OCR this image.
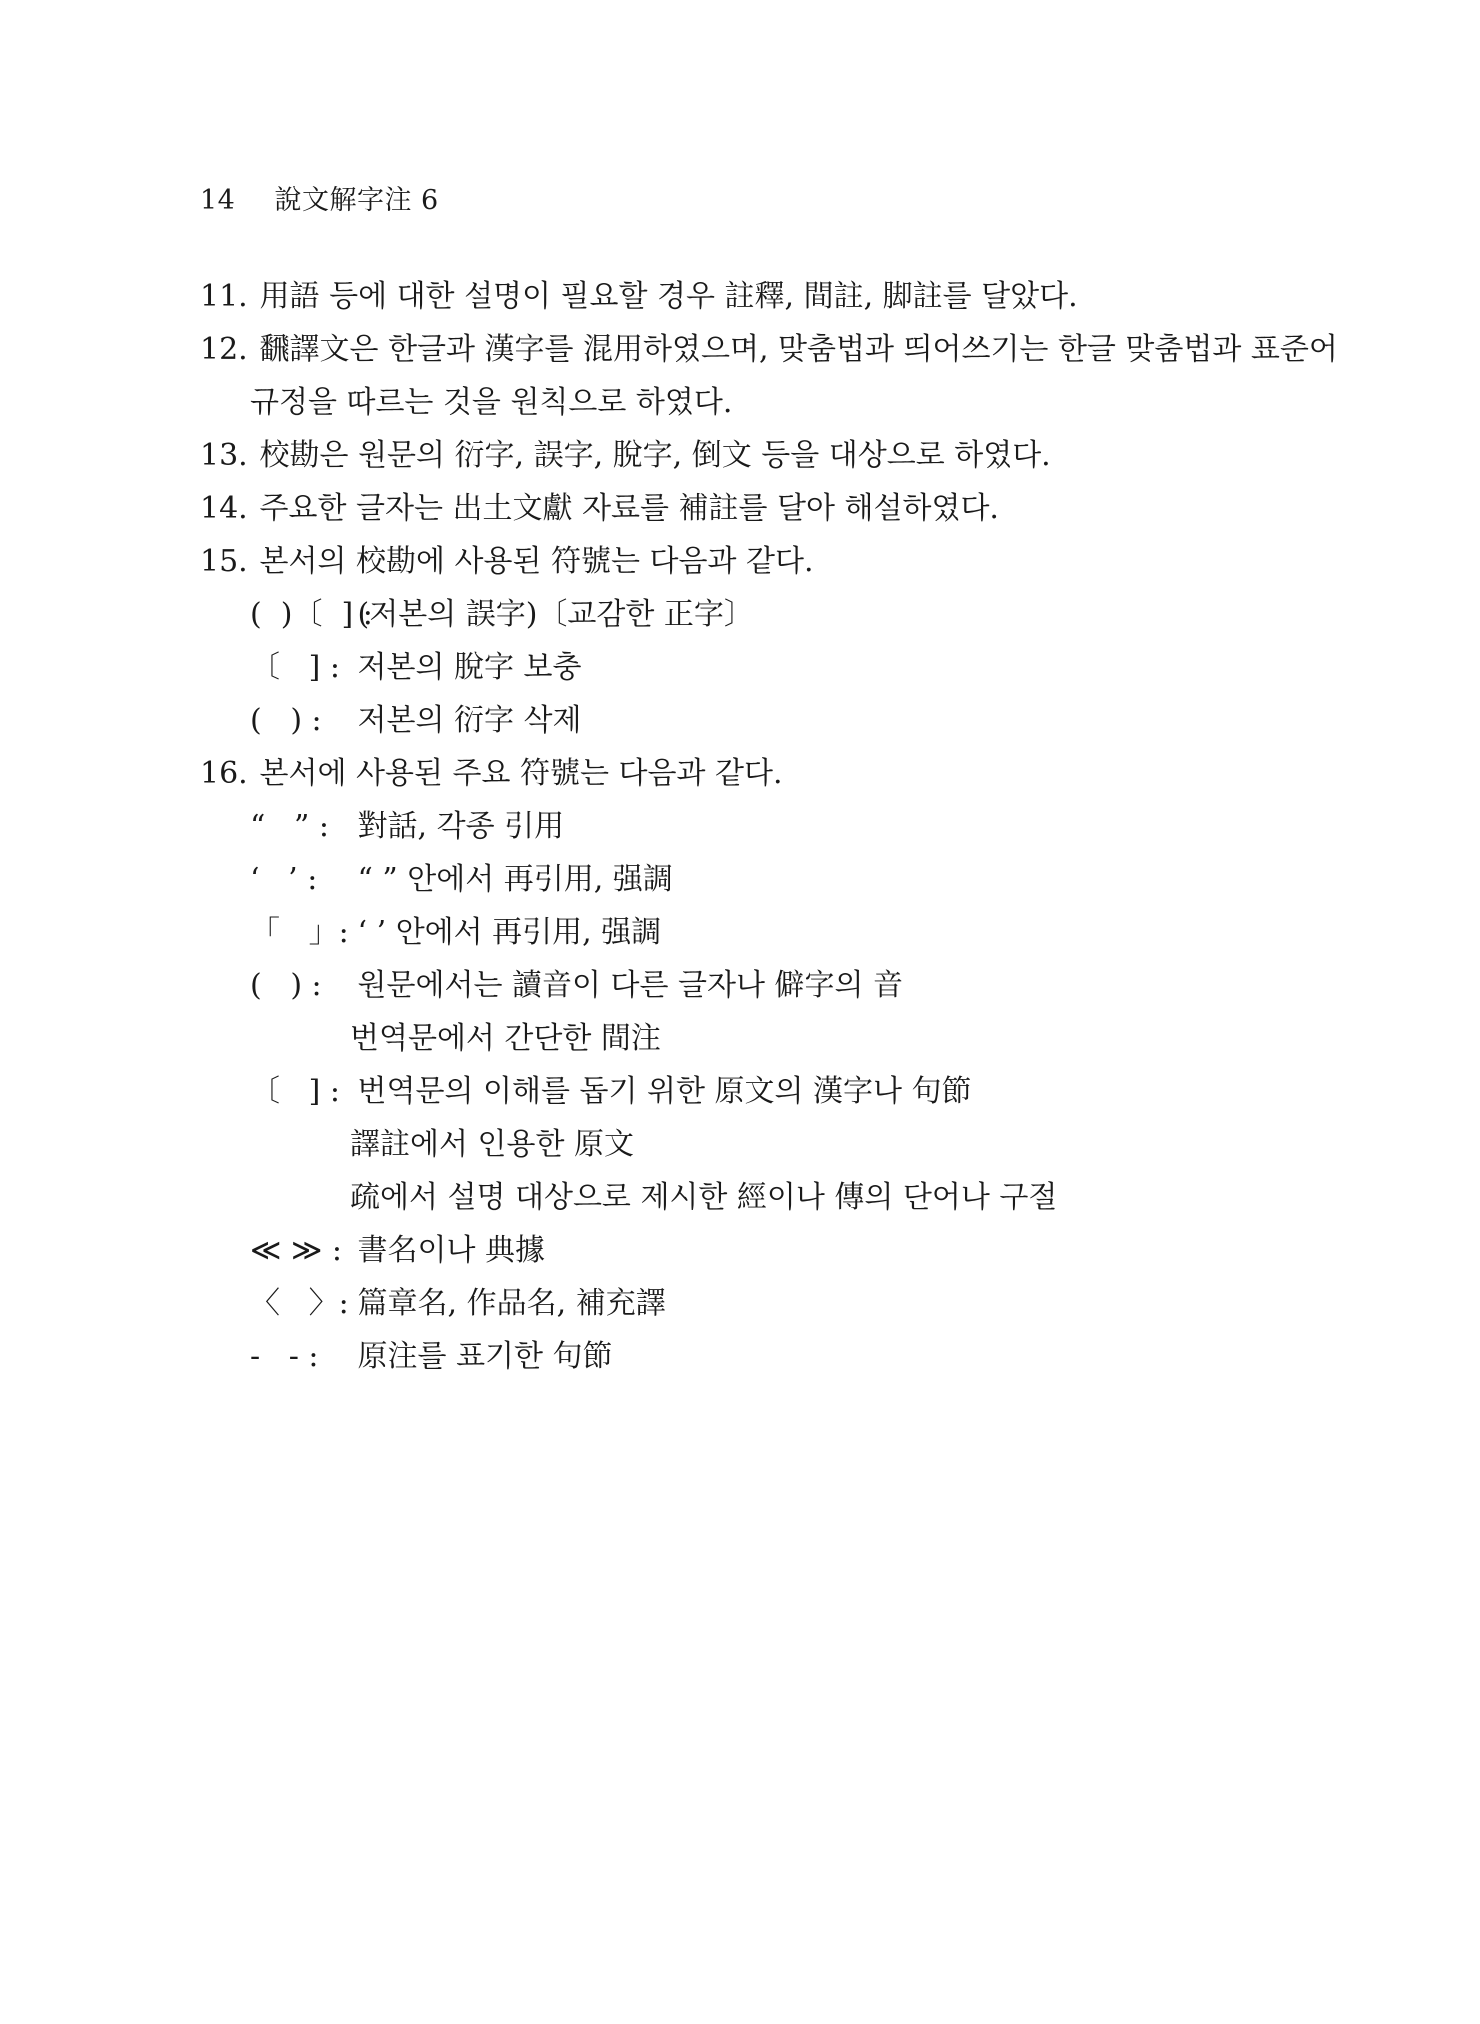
14 說文解字注 6
11. 用語 등에 대한 설명이 필요할 경우 註釋, 間註, 脚註를 달았다.
12. 飜譯文은 한글과 漢字를 混用하였으며, 맞춤법과 띄어쓰기는 한글 맞춤법과 표준어
규정을 따르는 것을 원칙으로 하였다.
13. 校勘은 원문의 衍字, 誤字, 脫字, 倒文 등을 대상으로 하였다.
14. 주요한 글자는 出土文獻 자료를 補註를 달아 해설하였다.
15. 본서의 校勘에 사용된 符號는 다음과 같다.
(  )〔  ] : (저본의 誤字)〔교감한 正字〕
〔   ] : 저본의 脫字 보충
(   ) : 저본의 衍字 삭제
16. 본서에 사용된 주요 符號는 다음과 같다.
“   ” : 對話, 각종 引用
‘   ’ : “ ” 안에서 再引用, 强調
「   」: ‘ ’ 안에서 再引用, 强調
(   ) : 원문에서는 讀音이 다른 글자나 僻字의 音
번역문에서 간단한 間注
〔   ] : 번역문의 이해를 돕기 위한 原文의 漢字나 句節
譯註에서 인용한 原文
疏에서 설명 대상으로 제시한 經이나 傳의 단어나 구절
≪ ≫ : 書名이나 典據
〈   〉: 篇章名, 作品名, 補充譯
-   - : 原注를 표기한 句節
